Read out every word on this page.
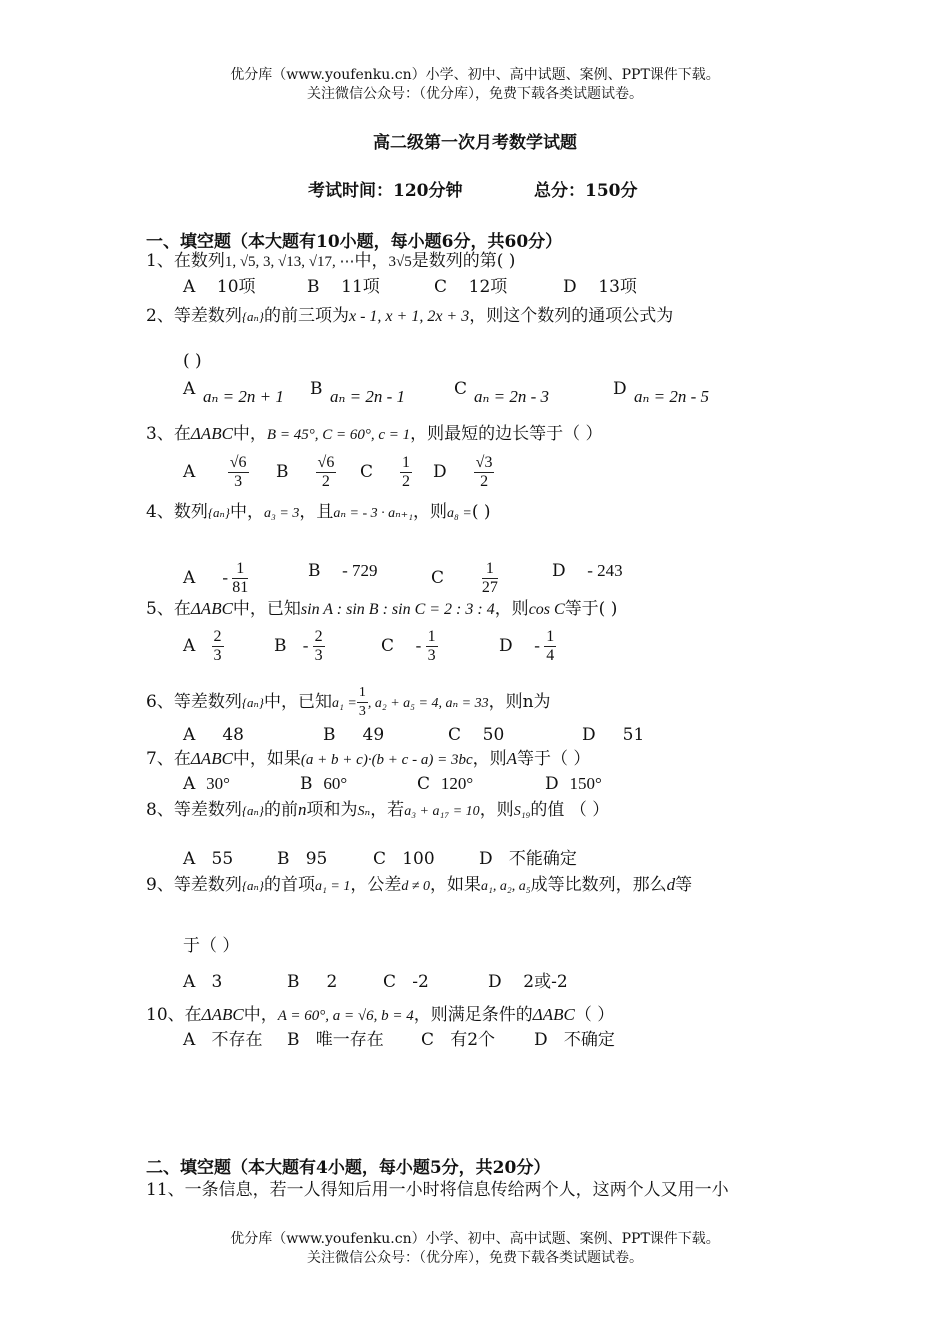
优分库（www.youfenku.cn）小学、初中、高中试题、案例、PPT课件下载。
关注微信公众号：（优分库），免费下载各类试题试卷。
高二级第一次月考数学试题
考试时间：120分钟	总分：150分
一、填空题（本大题有10小题，每小题6分，共60分）
1、在数列1, √5, 3, √13, √17, ⋯中，3√5是数列的第( )
A 10项	B 11项	C 12项	D 13项
2、等差数列{aₙ}的前三项为x - 1, x + 1, 2x + 3，则这个数列的通项公式为
( )
A aₙ = 2n + 1 B aₙ = 2n - 1	C aₙ = 2n - 3	D aₙ = 2n - 5
3、在ΔABC中，B = 45°, C = 60°, c = 1，则最短的边长等于（ ）
A $\frac{√6}{3}$ B $\frac{√6}{2}$ C $\frac{1}{2}$ D $\frac{√3}{2}$
4、数列{aₙ}中，a₃ = 3，且aₙ = - 3 · aₙ₊₁，则a₈ =( )
A - $\frac{1}{81}$	B - 729	C $\frac{1}{27}$	D - 243
5、在ΔABC中，已知sin A : sin B : sin C = 2 : 3 : 4，则cos C等于( )
A $\frac{2}{3}$	B - $\frac{2}{3}$	C - $\frac{1}{3}$	D - $\frac{1}{4}$
6、等差数列{aₙ}中，已知$a_1 = \frac{1}{3}$ , a₂ + a₅ = 4, aₙ = 33，则n为
A 48	B 49	C 50	D 51
7、在ΔABC中，如果(a + b + c)·(b + c - a) = 3bc，则A等于（ ）
A 30°	B 60°	C 120°	D 150°
8、等差数列{aₙ}的前n项和为Sₙ，若a₃ + a₁₇ = 10，则S₁₉的值 （ ）
A 55	B 95	C 100	D 不能确定
9、等差数列{aₙ}的首项a₁ = 1，公差d ≠ 0，如果a₁, a₂, a₅成等比数列，那么d等
于（ ）
A 3	B 2	C -2	D 2或-2
10、在ΔABC中，A = 60°, a = √6, b = 4，则满足条件的ΔABC（ ）
A 不存在 B 唯一存在 C 有2个 D 不确定
二、填空题（本大题有4小题，每小题5分，共20分）
11、一条信息，若一人得知后用一小时将信息传给两个人，这两个人又用一小
优分库（www.youfenku.cn）小学、初中、高中试题、案例、PPT课件下载。
关注微信公众号：（优分库），免费下载各类试题试卷。
